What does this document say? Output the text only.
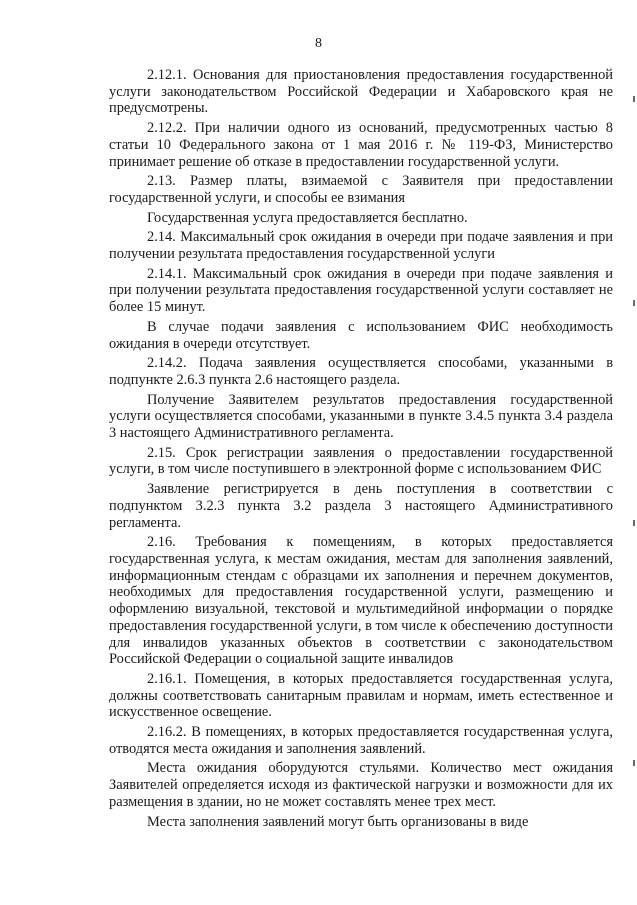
8

2.12.1. Основания для приостановления предоставления государственной услуги законодательством Российской Федерации и Хабаровского края не предусмотрены.

2.12.2. При наличии одного из оснований, предусмотренных частью 8 статьи 10 Федерального закона от 1 мая 2016 г. № 119-ФЗ, Министерство принимает решение об отказе в предоставлении государственной услуги.

2.13. Размер платы, взимаемой с Заявителя при предоставлении государственной услуги, и способы ее взимания

Государственная услуга предоставляется бесплатно.

2.14. Максимальный срок ожидания в очереди при подаче заявления и при получении результата предоставления государственной услуги

2.14.1. Максимальный срок ожидания в очереди при подаче заявления и при получении результата предоставления государственной услуги составляет не более 15 минут.

В случае подачи заявления с использованием ФИС необходимость ожидания в очереди отсутствует.

2.14.2. Подача заявления осуществляется способами, указанными в подпункте 2.6.3 пункта 2.6 настоящего раздела.

Получение Заявителем результатов предоставления государственной услуги осуществляется способами, указанными в пункте 3.4.5 пункта 3.4 раздела 3 настоящего Административного регламента.

2.15. Срок регистрации заявления о предоставлении государственной услуги, в том числе поступившего в электронной форме с использованием ФИС

Заявление регистрируется в день поступления в соответствии с подпунктом 3.2.3 пункта 3.2 раздела 3 настоящего Административного регламента.

2.16. Требования к помещениям, в которых предоставляется государственная услуга, к местам ожидания, местам для заполнения заявлений, информационным стендам с образцами их заполнения и перечнем документов, необходимых для предоставления государственной услуги, размещению и оформлению визуальной, текстовой и мультимедийной информации о порядке предоставления государственной услуги, в том числе к обеспечению доступности для инвалидов указанных объектов в соответствии с законодательством Российской Федерации о социальной защите инвалидов

2.16.1. Помещения, в которых предоставляется государственная услуга, должны соответствовать санитарным правилам и нормам, иметь естественное и искусственное освещение.

2.16.2. В помещениях, в которых предоставляется государственная услуга, отводятся места ожидания и заполнения заявлений.

Места ожидания оборудуются стульями. Количество мест ожидания Заявителей определяется исходя из фактической нагрузки и возможности для их размещения в здании, но не может составлять менее трех мест.

Места заполнения заявлений могут быть организованы в виде
